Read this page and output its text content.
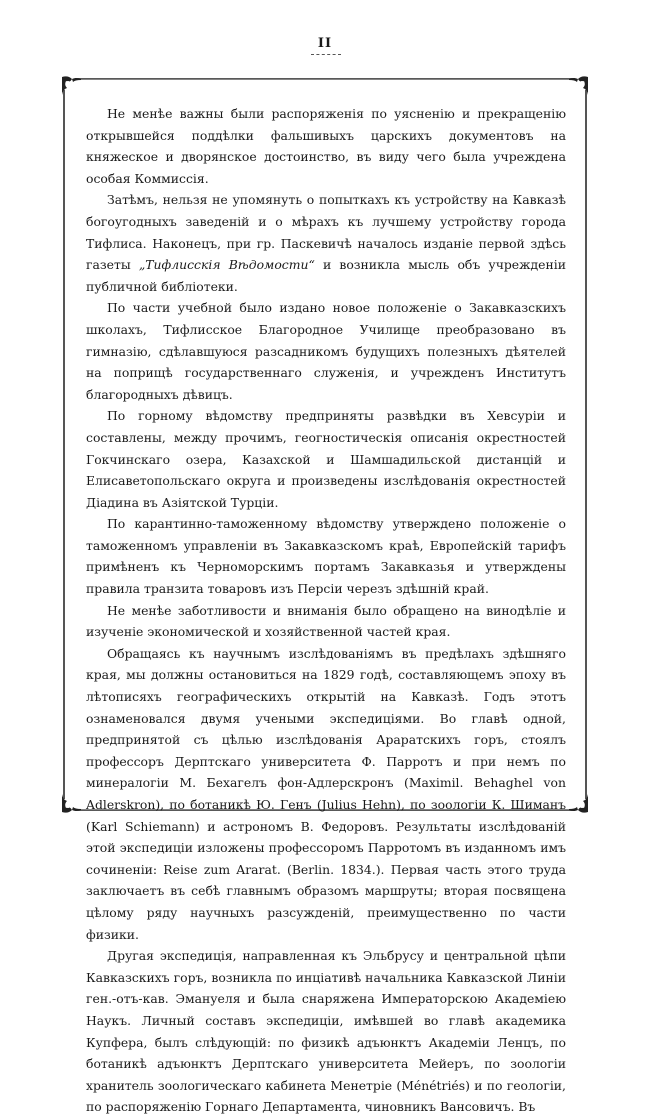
II

Не менѣе важны были распоряженія по уясненію и прекращенію открывшейся поддѣлки фальшивыхъ царскихъ документовъ на княжеское и дворянское достоинство, въ виду чего была учреждена особая Коммиссія.

Затѣмъ, нельзя не упомянуть о попыткахъ къ устройству на Кавказѣ богоугодныхъ заведеній и о мѣрахъ къ лучшему устройству города Тифлиса. Наконецъ, при гр. Паскевичѣ началось изданіе первой здѣсь газеты „Тифлисскія Вѣдомости“ и возникла мысль объ учрежденіи публичной библіотеки.

По части учебной было издано новое положеніе о Закавказскихъ школахъ, Тифлисское Благородное Училище преобразовано въ гимназію, сдѣлавшуюся разсадникомъ будущихъ полезныхъ дѣятелей на поприщѣ государственнаго служенія, и учрежденъ Институтъ благородныхъ дѣвицъ.

По горному вѣдомству предприняты развѣдки въ Хевсуріи и составлены, между прочимъ, геогностическія описанія окрестностей Гокчинскаго озера, Казахской и Шамшадильской дистанцій и Елисаветопольскаго округа и произведены изслѣдованія окрестностей Діадина въ Азіятской Турціи.

По карантинно-таможенному вѣдомству утверждено положеніе о таможенномъ управленіи въ Закавказскомъ краѣ, Европейскій тарифъ примѣненъ къ Черноморскимъ портамъ Закавказья и утверждены правила транзита товаровъ изъ Персіи черезъ здѣшній край.

Не менѣе заботливости и вниманія было обращено на винодѣліе и изученіе экономической и хозяйственной частей края.

Обращаясь къ научнымъ изслѣдованіямъ въ предѣлахъ здѣшняго края, мы должны остановиться на 1829 годѣ, составляющемъ эпоху въ лѣтописяхъ географическихъ открытій на Кавказѣ. Годъ этотъ ознаменовался двумя учеными экспедиціями. Во главѣ одной, предпринятой съ цѣлью изслѣдованія Араратскихъ горъ, стоялъ профессоръ Дерптскаго университета Ф. Парротъ и при немъ по минералогіи М. Бехагелъ фон-Адлерскронъ (Maximil. Behaghel von Adlerskron), по ботаникѣ Ю. Генъ (Julius Hehn), по зоологіи К. Шиманъ (Karl Schiemann) и астрономъ В. Федоровъ. Результаты изслѣдованій этой экспедиціи изложены профессоромъ Парротомъ въ изданномъ имъ сочиненіи: Reise zum Ararat. (Berlin. 1834.). Первая часть этого труда заключаетъ въ себѣ главнымъ образомъ маршруты; вторая посвящена цѣлому ряду научныхъ разсужденій, преимущественно по части физики.

Другая экспедиція, направленная къ Эльбрусу и центральной цѣпи Кавказскихъ горъ, возникла по инціативѣ начальника Кавказской Линіи ген.-отъ-кав. Эмануеля и была снаряжена Императорскою Академіею Наукъ. Личный составъ экспедиціи, имѣвшей во главѣ академика Купфера, былъ слѣдующій: по физикѣ адъюнктъ Академіи Ленцъ, по ботаникѣ адъюнктъ Дерптскаго университета Мейеръ, по зоологіи хранитель зоологическаго кабинета Менетріе (Ménétriés) и по геологіи, по распоряженію Горнаго Департамента, чиновникъ Вансовичъ. Въ
